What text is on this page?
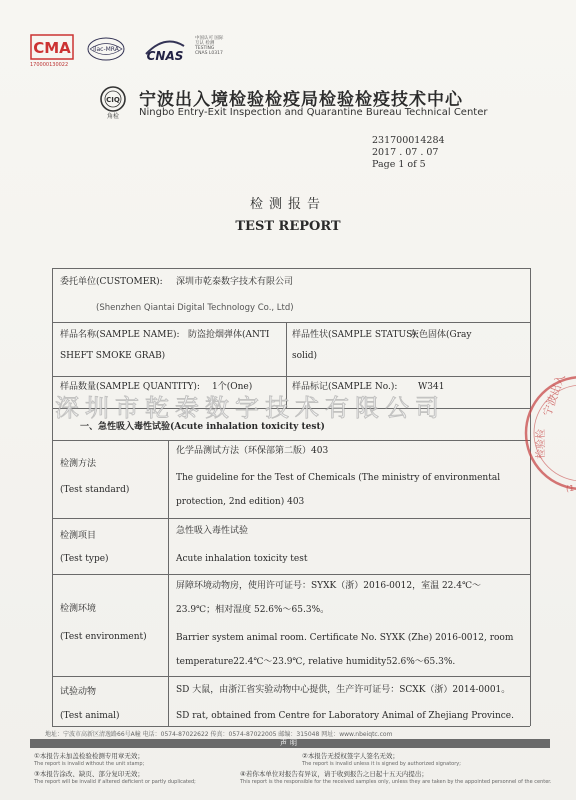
CMA
170000130022
ilac-MRA CNAS
中国认可 国际互认 检测 TESTING CNAS L0317
CIQ
角检
宁波出入境检验检疫局检验检疫技术中心
Ningbo Entry-Exit Inspection and Quarantine Bureau Technical Center
231700014284
2017 . 07 . 07
Page 1 of 5
检测报告
TEST REPORT
委托单位(CUSTOMER): 深圳市乾泰数字技术有限公司
(Shenzhen Qiantai Digital Technology Co., Ltd)
样品名称(SAMPLE NAME): 防盗抢烟弹体(ANTI
SHEFT SMOKE GRAB)
样品性状(SAMPLE STATUS):
灰色固体(Gray
solid)
样品数量(SAMPLE QUANTITY): 1个(One)	样品标记(SAMPLE No.): W341
一、急性吸入毒性试验(Acute inhalation toxicity test)
检测方法
(Test standard)
化学品测试方法（环保部第二版）403
The guideline for the Test of Chemicals (The ministry of environmental
protection, 2nd edition) 403
检测项目
(Test type)
急性吸入毒性试验
Acute inhalation toxicity test
检测环境
(Test environment)
屏障环境动物房，使用许可证号：SYXK（浙）2016-0012，室温 22.4℃～
23.9℃；相对湿度 52.6%～65.3%。
Barrier system animal room. Certificate No. SYXK (Zhe) 2016-0012, room
temperature22.4℃～23.9℃, relative humidity52.6%～65.3%.
试验动物
(Test animal)
SD 大鼠，由浙江省实验动物中心提供，生产许可证号：SCXK（浙）2014-0001。
SD rat, obtained from Centre for Laboratory Animal of Zhejiang Province.
深圳市乾泰数字技术有限公司	宁波出入
检验检
(1
地址：宁波市高新区清逸路66号A幢 电话：0574-87022622 传真：0574-87022005 邮编：315048 网址：www.nbeiqtc.com
声明
①本报告未加盖检验检测专用章无效；
The report is invalid without the unit stamp;
②本报告无授权签字人签名无效；
The report is invalid unless it is signed by authorized signatory;
③本报告涂改、缺页、部分复印无效；
The report will be invalid if altered deficient or partly duplicated;
④若你本单位对报告有异议，请于收到报告之日起十五天内提出；
This report is the responsible for the received samples only, unless they are taken by the appointed personnel of the center.
